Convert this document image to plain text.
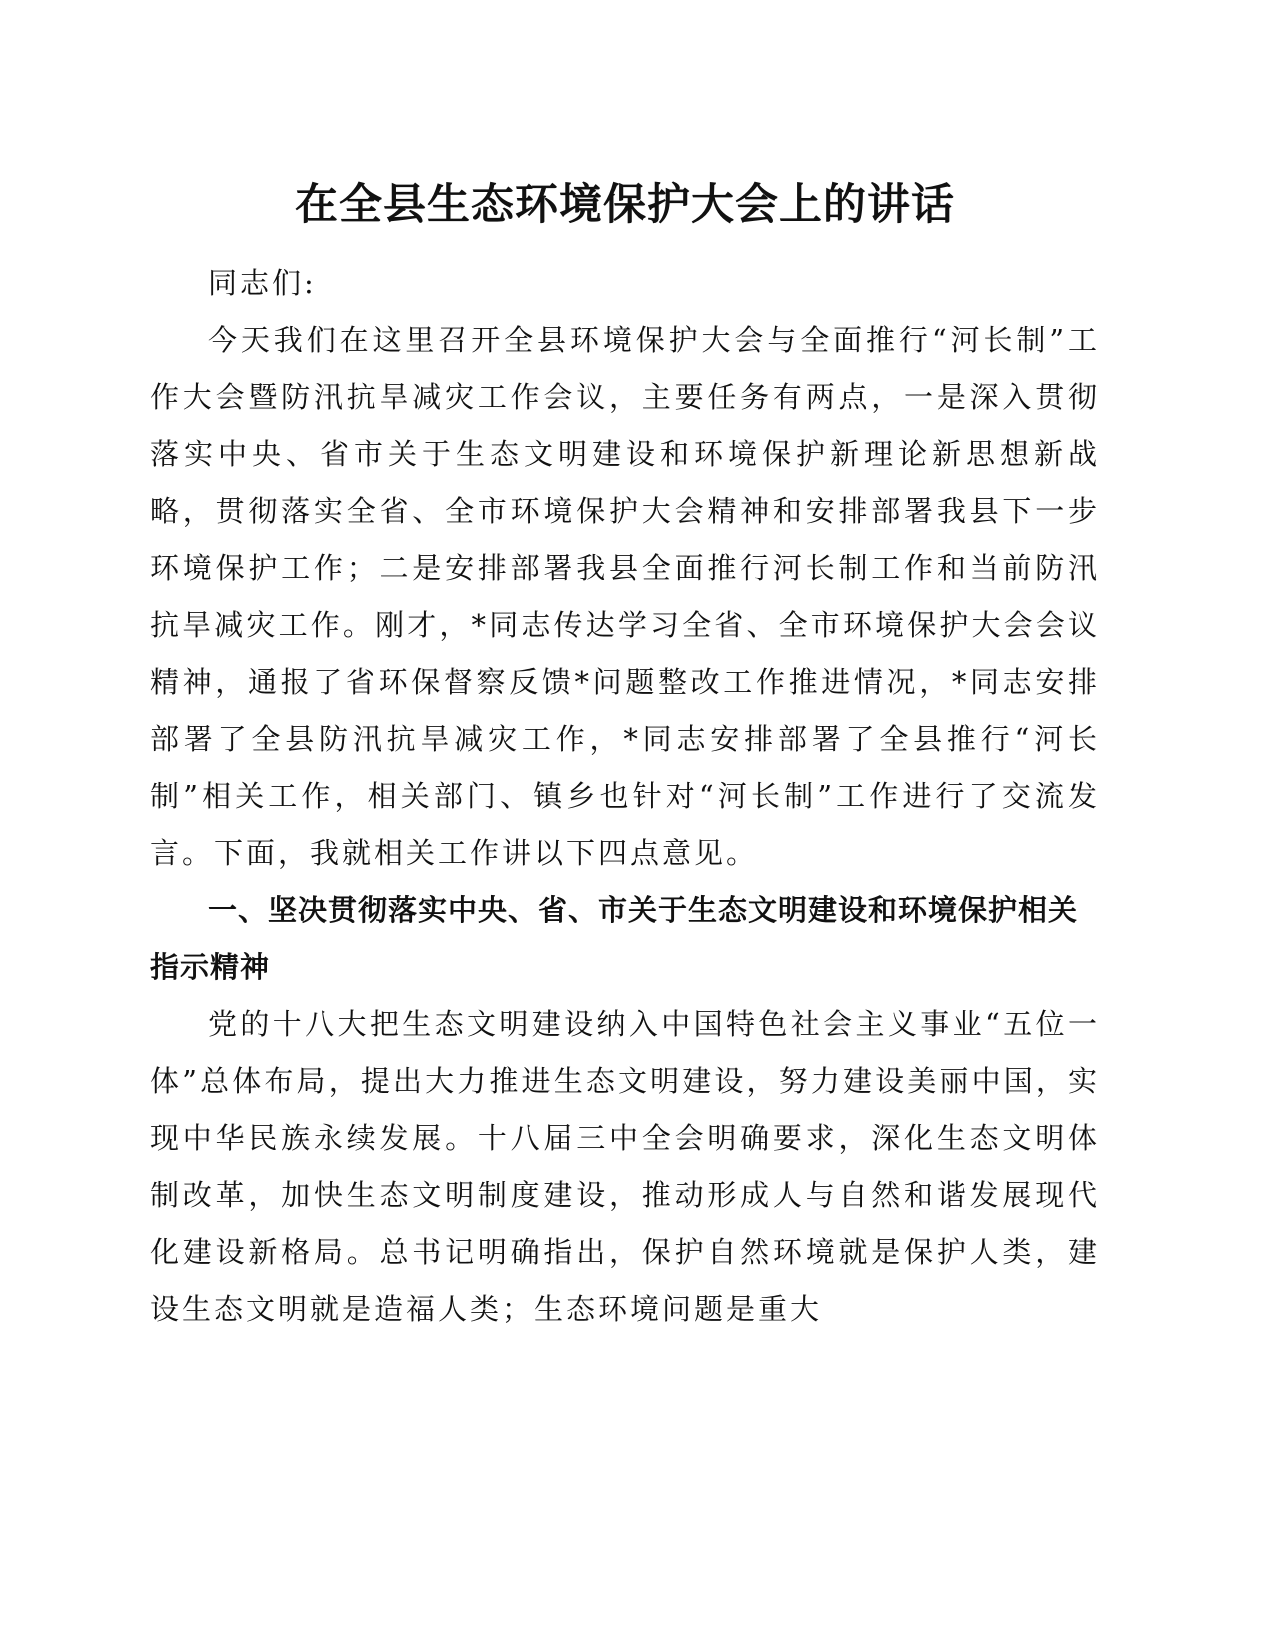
在全县生态环境保护大会上的讲话

同志们:

今天我们在这里召开全县环境保护大会与全面推行“河长制”工作大会暨防汛抗旱减灾工作会议，主要任务有两点，一是深入贯彻落实中央、省市关于生态文明建设和环境保护新理论新思想新战略，贯彻落实全省、全市环境保护大会精神和安排部署我县下一步环境保护工作；二是安排部署我县全面推行河长制工作和当前防汛抗旱减灾工作。刚才，*同志传达学习全省、全市环境保护大会会议精神，通报了省环保督察反馈*问题整改工作推进情况，*同志安排部署了全县防汛抗旱减灾工作，*同志安排部署了全县推行“河长制”相关工作，相关部门、镇乡也针对“河长制”工作进行了交流发言。下面，我就相关工作讲以下四点意见。

一、坚决贯彻落实中央、省、市关于生态文明建设和环境保护相关指示精神

党的十八大把生态文明建设纳入中国特色社会主义事业“五位一体”总体布局，提出大力推进生态文明建设，努力建设美丽中国，实现中华民族永续发展。十八届三中全会明确要求，深化生态文明体制改革，加快生态文明制度建设，推动形成人与自然和谐发展现代化建设新格局。总书记明确指出，保护自然环境就是保护人类，建设生态文明就是造福人类；生态环境问题是重大
